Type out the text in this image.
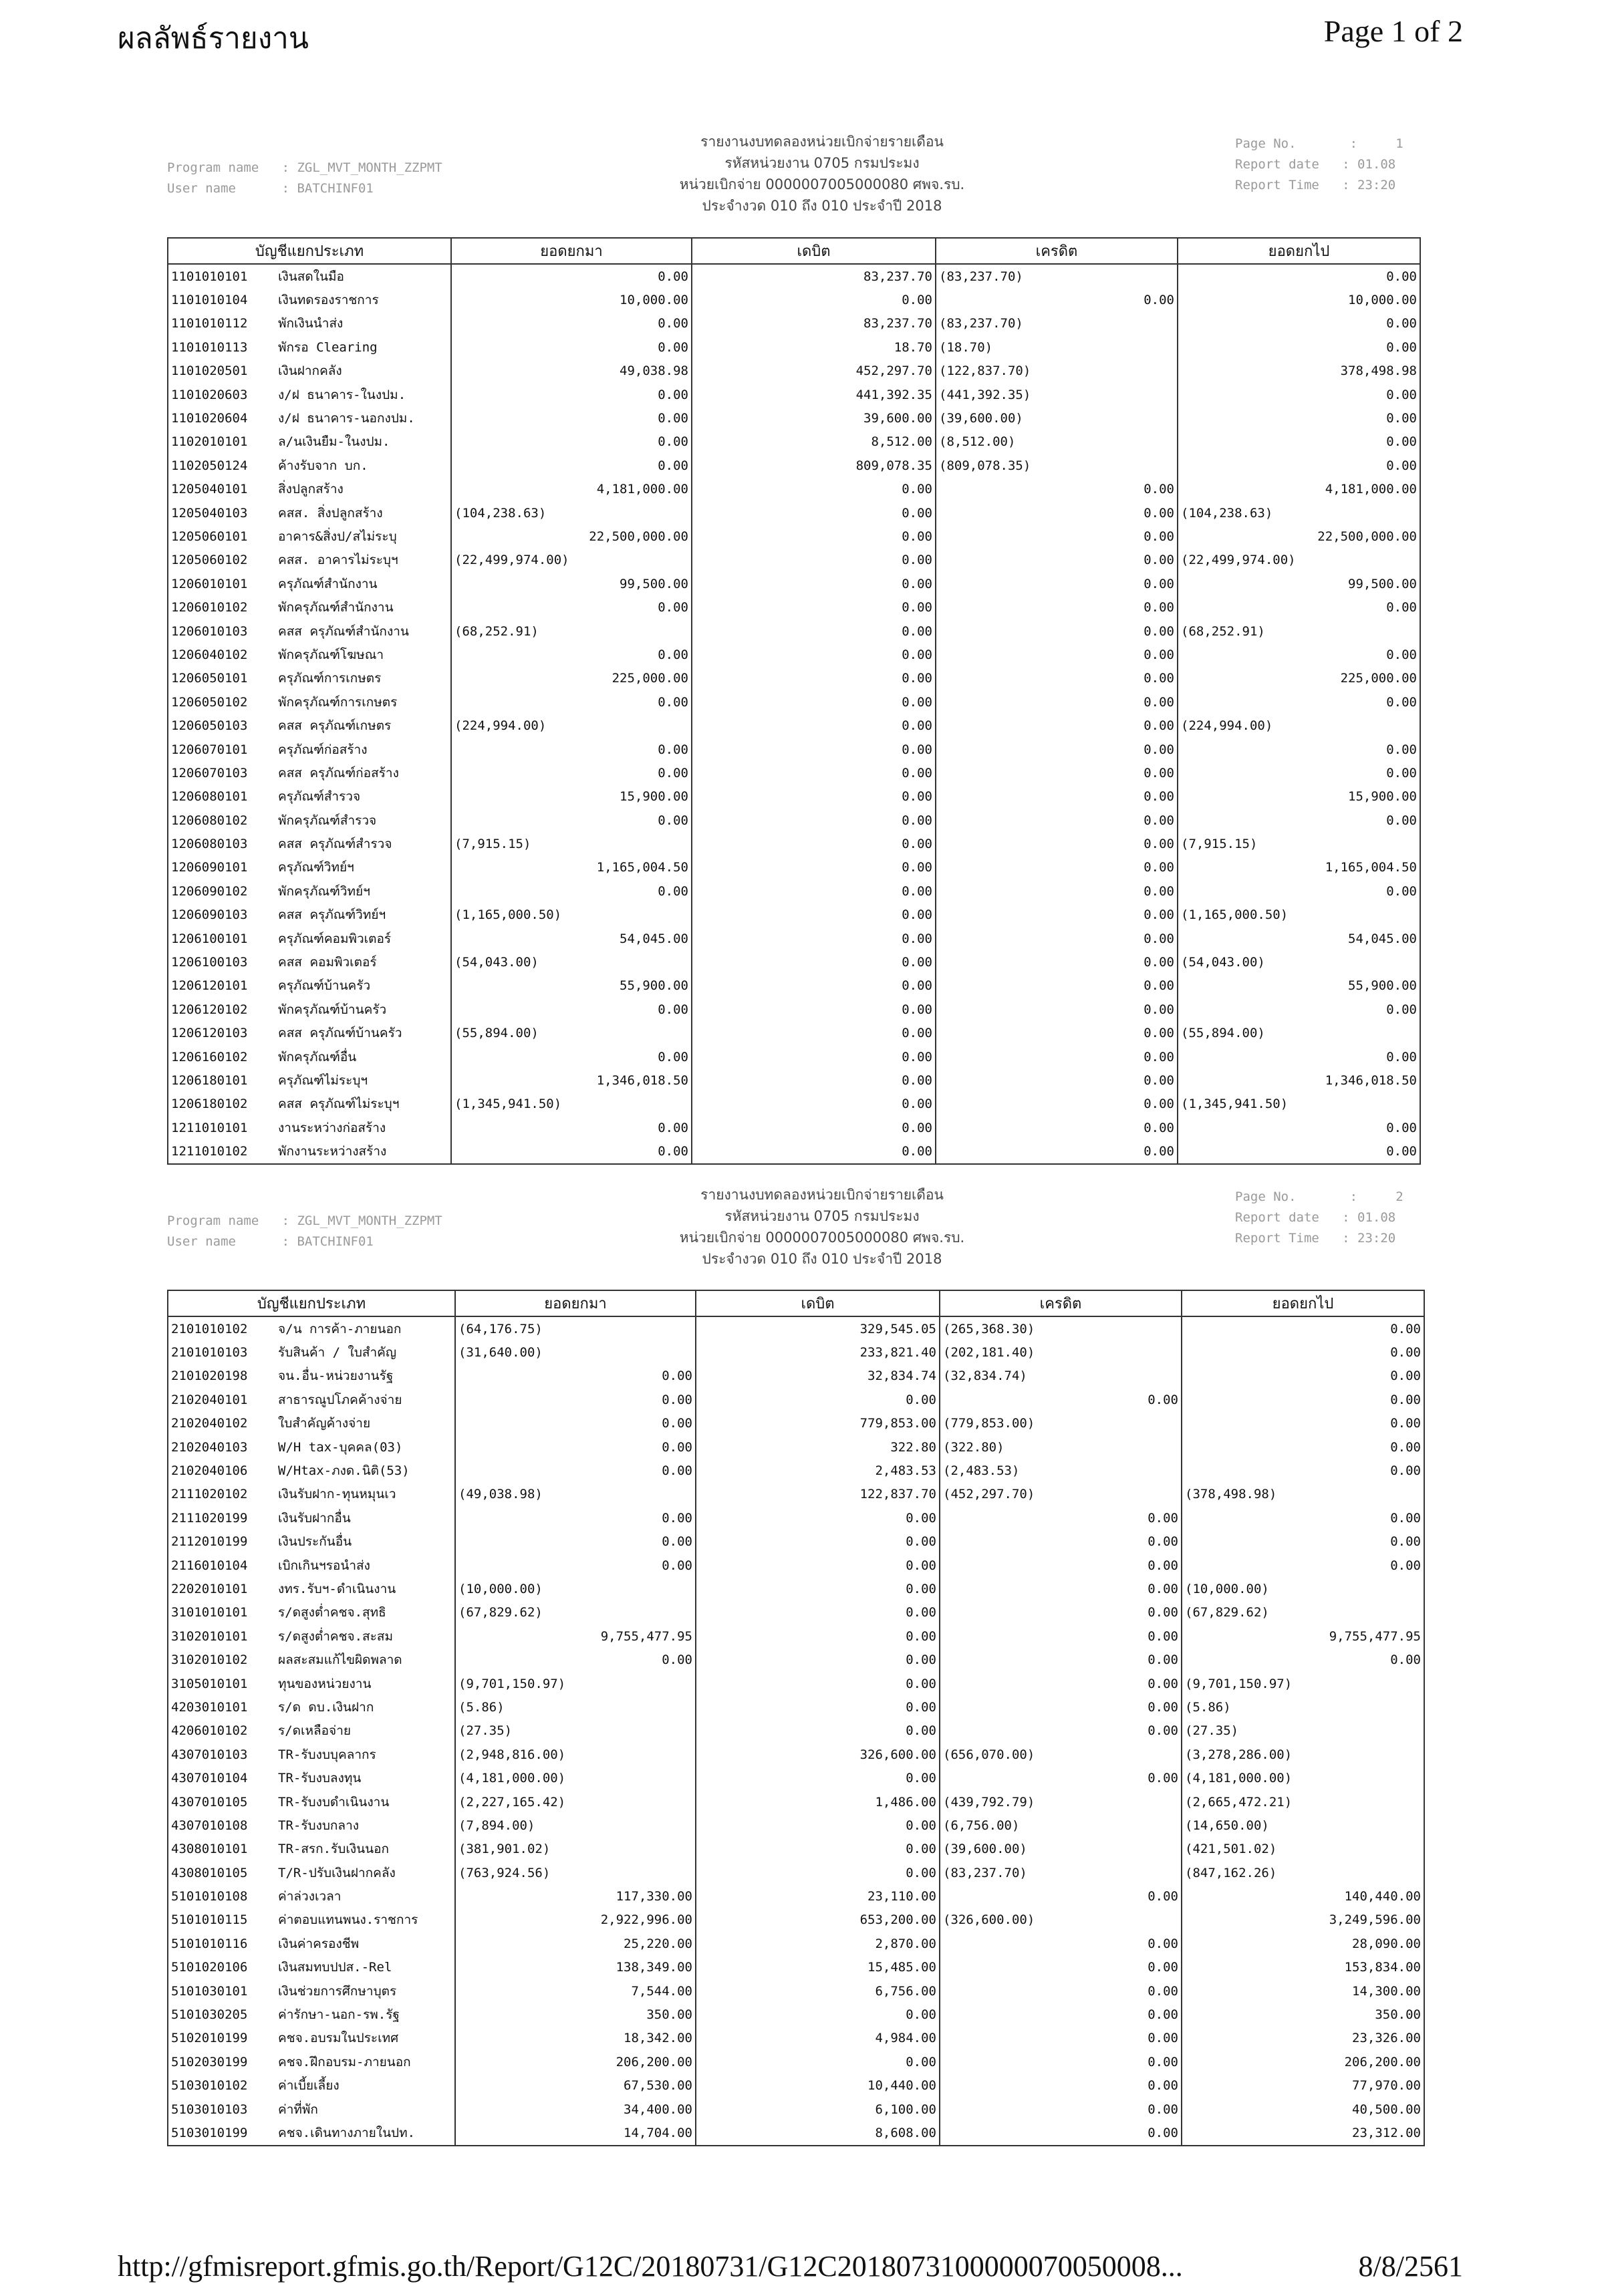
ผลลัพธ์รายงาน	Page 1 of 2
Program name   : ZGL_MVT_MONTH_ZZPMT
User name      : BATCHINF01
รายงานงบทดลองหน่วยเบิกจ่ายรายเดือน
รหัสหน่วยงาน 0705 กรมประมง
หน่วยเบิกจ่าย 0000007005000080 ศพจ.รบ.
ประจำงวด 010 ถึง 010 ประจำปี 2018
Page No.       :     1
Report date   : 01.08
Report Time   : 23:20
บัญชีแยกประเภท	ยอดยกมา	เดบิต	เครดิต	ยอดยกไป
1101010101 เงินสดในมือ	0.00	83,237.70	(83,237.70)	0.00
1101010104 เงินทดรองราชการ	10,000.00	0.00	0.00	10,000.00
1101010112 พักเงินนำส่ง	0.00	83,237.70	(83,237.70)	0.00
1101010113 พักรอ Clearing	0.00	18.70	(18.70)	0.00
1101020501 เงินฝากคลัง	49,038.98	452,297.70	(122,837.70)	378,498.98
1101020603 ง/ฝ ธนาคาร-ในงปม.	0.00	441,392.35	(441,392.35)	0.00
1101020604 ง/ฝ ธนาคาร-นอกงปม.	0.00	39,600.00	(39,600.00)	0.00
1102010101 ล/นเงินยืม-ในงปม.	0.00	8,512.00	(8,512.00)	0.00
1102050124 ค้างรับจาก บก.	0.00	809,078.35	(809,078.35)	0.00
1205040101 สิ่งปลูกสร้าง	4,181,000.00	0.00	0.00	4,181,000.00
1205040103 คสส. สิ่งปลูกสร้าง	(104,238.63)	0.00	0.00	(104,238.63)
1205060101 อาคาร&สิ่งป/สไม่ระบุ	22,500,000.00	0.00	0.00	22,500,000.00
1205060102 คสส. อาคารไม่ระบุฯ	(22,499,974.00)	0.00	0.00	(22,499,974.00)
1206010101 ครุภัณฑ์สำนักงาน	99,500.00	0.00	0.00	99,500.00
1206010102 พักครุภัณฑ์สำนักงาน	0.00	0.00	0.00	0.00
1206010103 คสส ครุภัณฑ์สำนักงาน	(68,252.91)	0.00	0.00	(68,252.91)
1206040102 พักครุภัณฑ์โฆษณา	0.00	0.00	0.00	0.00
1206050101 ครุภัณฑ์การเกษตร	225,000.00	0.00	0.00	225,000.00
1206050102 พักครุภัณฑ์การเกษตร	0.00	0.00	0.00	0.00
1206050103 คสส ครุภัณฑ์เกษตร	(224,994.00)	0.00	0.00	(224,994.00)
1206070101 ครุภัณฑ์ก่อสร้าง	0.00	0.00	0.00	0.00
1206070103 คสส ครุภัณฑ์ก่อสร้าง	0.00	0.00	0.00	0.00
1206080101 ครุภัณฑ์สำรวจ	15,900.00	0.00	0.00	15,900.00
1206080102 พักครุภัณฑ์สำรวจ	0.00	0.00	0.00	0.00
1206080103 คสส ครุภัณฑ์สำรวจ	(7,915.15)	0.00	0.00	(7,915.15)
1206090101 ครุภัณฑ์วิทย์ฯ	1,165,004.50	0.00	0.00	1,165,004.50
1206090102 พักครุภัณฑ์วิทย์ฯ	0.00	0.00	0.00	0.00
1206090103 คสส ครุภัณฑ์วิทย์ฯ	(1,165,000.50)	0.00	0.00	(1,165,000.50)
1206100101 ครุภัณฑ์คอมพิวเตอร์	54,045.00	0.00	0.00	54,045.00
1206100103 คสส คอมพิวเตอร์	(54,043.00)	0.00	0.00	(54,043.00)
1206120101 ครุภัณฑ์บ้านครัว	55,900.00	0.00	0.00	55,900.00
1206120102 พักครุภัณฑ์บ้านครัว	0.00	0.00	0.00	0.00
1206120103 คสส ครุภัณฑ์บ้านครัว	(55,894.00)	0.00	0.00	(55,894.00)
1206160102 พักครุภัณฑ์อื่น	0.00	0.00	0.00	0.00
1206180101 ครุภัณฑ์ไม่ระบุฯ	1,346,018.50	0.00	0.00	1,346,018.50
1206180102 คสส ครุภัณฑ์ไม่ระบุฯ	(1,345,941.50)	0.00	0.00	(1,345,941.50)
1211010101 งานระหว่างก่อสร้าง	0.00	0.00	0.00	0.00
1211010102 พักงานระหว่างสร้าง	0.00	0.00	0.00	0.00
Program name   : ZGL_MVT_MONTH_ZZPMT
User name      : BATCHINF01
รายงานงบทดลองหน่วยเบิกจ่ายรายเดือน
รหัสหน่วยงาน 0705 กรมประมง
หน่วยเบิกจ่าย 0000007005000080 ศพจ.รบ.
ประจำงวด 010 ถึง 010 ประจำปี 2018
Page No.       :     2
Report date   : 01.08
Report Time   : 23:20
บัญชีแยกประเภท	ยอดยกมา	เดบิต	เครดิต	ยอดยกไป
2101010102 จ/น การค้า-ภายนอก	(64,176.75)	329,545.05	(265,368.30)	0.00
2101010103 รับสินค้า / ใบสำคัญ	(31,640.00)	233,821.40	(202,181.40)	0.00
2101020198 จน.อื่น-หน่วยงานรัฐ	0.00	32,834.74	(32,834.74)	0.00
2102040101 สาธารณูปโภคค้างจ่าย	0.00	0.00	0.00	0.00
2102040102 ใบสำคัญค้างจ่าย	0.00	779,853.00	(779,853.00)	0.00
2102040103 W/H tax-บุคคล(03)	0.00	322.80	(322.80)	0.00
2102040106 W/Htax-ภงด.นิติ(53)	0.00	2,483.53	(2,483.53)	0.00
2111020102 เงินรับฝาก-ทุนหมุนเว	(49,038.98)	122,837.70	(452,297.70)	(378,498.98)
2111020199 เงินรับฝากอื่น	0.00	0.00	0.00	0.00
2112010199 เงินประกันอื่น	0.00	0.00	0.00	0.00
2116010104 เบิกเกินฯรอนำส่ง	0.00	0.00	0.00	0.00
2202010101 งทร.รับฯ-ดำเนินงาน	(10,000.00)	0.00	0.00	(10,000.00)
3101010101 ร/ดสูงต่ำคชจ.สุทธิ	(67,829.62)	0.00	0.00	(67,829.62)
3102010101 ร/ดสูงต่ำคชจ.สะสม	9,755,477.95	0.00	0.00	9,755,477.95
3102010102 ผลสะสมแก้ไขผิดพลาด	0.00	0.00	0.00	0.00
3105010101 ทุนของหน่วยงาน	(9,701,150.97)	0.00	0.00	(9,701,150.97)
4203010101 ร/ด ดบ.เงินฝาก	(5.86)	0.00	0.00	(5.86)
4206010102 ร/ดเหลือจ่าย	(27.35)	0.00	0.00	(27.35)
4307010103 TR-รับงบบุคลากร	(2,948,816.00)	326,600.00	(656,070.00)	(3,278,286.00)
4307010104 TR-รับงบลงทุน	(4,181,000.00)	0.00	0.00	(4,181,000.00)
4307010105 TR-รับงบดำเนินงาน	(2,227,165.42)	1,486.00	(439,792.79)	(2,665,472.21)
4307010108 TR-รับงบกลาง	(7,894.00)	0.00	(6,756.00)	(14,650.00)
4308010101 TR-สรก.รับเงินนอก	(381,901.02)	0.00	(39,600.00)	(421,501.02)
4308010105 T/R-ปรับเงินฝากคลัง	(763,924.56)	0.00	(83,237.70)	(847,162.26)
5101010108 ค่าล่วงเวลา	117,330.00	23,110.00	0.00	140,440.00
5101010115 ค่าตอบแทนพนง.ราชการ	2,922,996.00	653,200.00	(326,600.00)	3,249,596.00
5101010116 เงินค่าครองชีพ	25,220.00	2,870.00	0.00	28,090.00
5101020106 เงินสมทบปปส.-Rel	138,349.00	15,485.00	0.00	153,834.00
5101030101 เงินช่วยการศึกษาบุตร	7,544.00	6,756.00	0.00	14,300.00
5101030205 ค่ารักษา-นอก-รพ.รัฐ	350.00	0.00	0.00	350.00
5102010199 คชจ.อบรมในประเทศ	18,342.00	4,984.00	0.00	23,326.00
5102030199 คชจ.ฝึกอบรม-ภายนอก	206,200.00	0.00	0.00	206,200.00
5103010102 ค่าเบี้ยเลี้ยง	67,530.00	10,440.00	0.00	77,970.00
5103010103 ค่าที่พัก	34,400.00	6,100.00	0.00	40,500.00
5103010199 คชจ.เดินทางภายในปท.	14,704.00	8,608.00	0.00	23,312.00
http://gfmisreport.gfmis.go.th/Report/G12C/20180731/G12C2018073100000070050008...	8/8/2561
